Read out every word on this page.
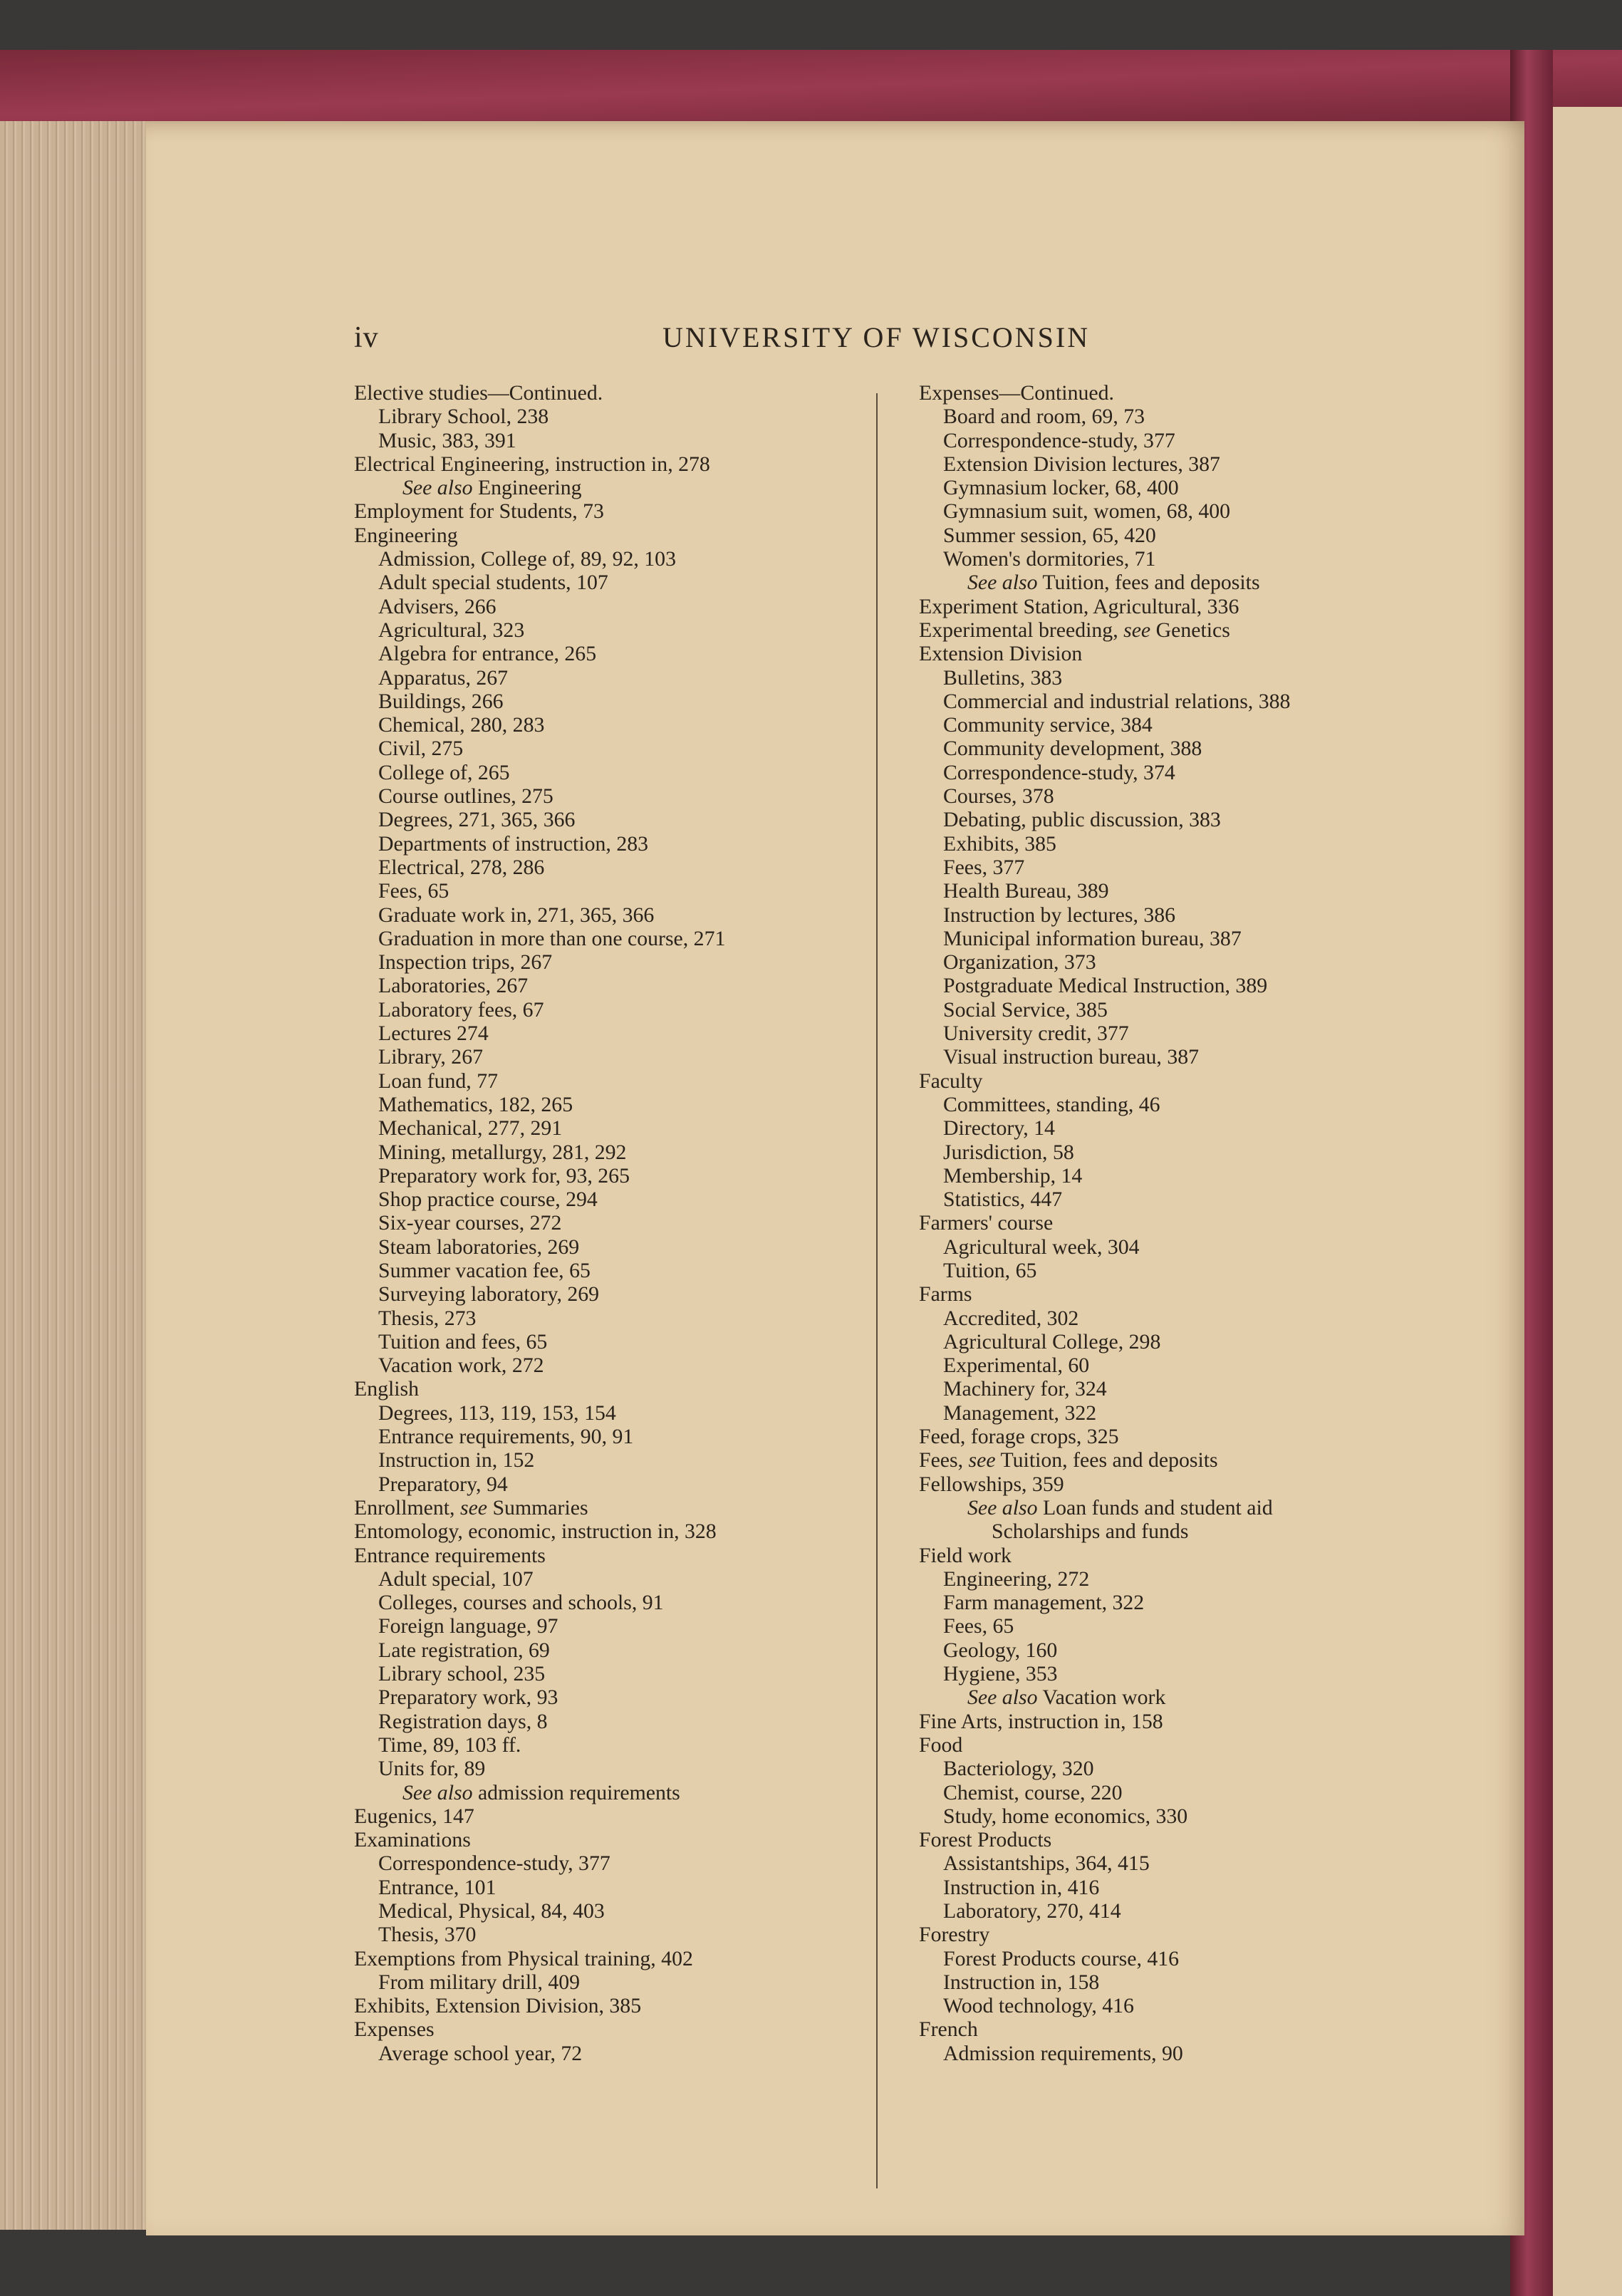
iv	UNIVERSITY OF WISCONSIN
Elective studies—Continued.
Library School, 238
Music, 383, 391
Electrical Engineering, instruction in, 278
See also Engineering
Employment for Students, 73
Engineering
Admission, College of, 89, 92, 103
Adult special students, 107
Advisers, 266
Agricultural, 323
Algebra for entrance, 265
Apparatus, 267
Buildings, 266
Chemical, 280, 283
Civil, 275
College of, 265
Course outlines, 275
Degrees, 271, 365, 366
Departments of instruction, 283
Electrical, 278, 286
Fees, 65
Graduate work in, 271, 365, 366
Graduation in more than one course, 271
Inspection trips, 267
Laboratories, 267
Laboratory fees, 67
Lectures 274
Library, 267
Loan fund, 77
Mathematics, 182, 265
Mechanical, 277, 291
Mining, metallurgy, 281, 292
Preparatory work for, 93, 265
Shop practice course, 294
Six-year courses, 272
Steam laboratories, 269
Summer vacation fee, 65
Surveying laboratory, 269
Thesis, 273
Tuition and fees, 65
Vacation work, 272
English
Degrees, 113, 119, 153, 154
Entrance requirements, 90, 91
Instruction in, 152
Preparatory, 94
Enrollment, see Summaries
Entomology, economic, instruction in, 328
Entrance requirements
Adult special, 107
Colleges, courses and schools, 91
Foreign language, 97
Late registration, 69
Library school, 235
Preparatory work, 93
Registration days, 8
Time, 89, 103 ff.
Units for, 89
See also admission requirements
Eugenics, 147
Examinations
Correspondence-study, 377
Entrance, 101
Medical, Physical, 84, 403
Thesis, 370
Exemptions from Physical training, 402
From military drill, 409
Exhibits, Extension Division, 385
Expenses
Average school year, 72
Expenses—Continued.
Board and room, 69, 73
Correspondence-study, 377
Extension Division lectures, 387
Gymnasium locker, 68, 400
Gymnasium suit, women, 68, 400
Summer session, 65, 420
Women's dormitories, 71
See also Tuition, fees and deposits
Experiment Station, Agricultural, 336
Experimental breeding, see Genetics
Extension Division
Bulletins, 383
Commercial and industrial relations, 388
Community service, 384
Community development, 388
Correspondence-study, 374
Courses, 378
Debating, public discussion, 383
Exhibits, 385
Fees, 377
Health Bureau, 389
Instruction by lectures, 386
Municipal information bureau, 387
Organization, 373
Postgraduate Medical Instruction, 389
Social Service, 385
University credit, 377
Visual instruction bureau, 387
Faculty
Committees, standing, 46
Directory, 14
Jurisdiction, 58
Membership, 14
Statistics, 447
Farmers' course
Agricultural week, 304
Tuition, 65
Farms
Accredited, 302
Agricultural College, 298
Experimental, 60
Machinery for, 324
Management, 322
Feed, forage crops, 325
Fees, see Tuition, fees and deposits
Fellowships, 359
See also Loan funds and student aid
Scholarships and funds
Field work
Engineering, 272
Farm management, 322
Fees, 65
Geology, 160
Hygiene, 353
See also Vacation work
Fine Arts, instruction in, 158
Food
Bacteriology, 320
Chemist, course, 220
Study, home economics, 330
Forest Products
Assistantships, 364, 415
Instruction in, 416
Laboratory, 270, 414
Forestry
Forest Products course, 416
Instruction in, 158
Wood technology, 416
French
Admission requirements, 90
